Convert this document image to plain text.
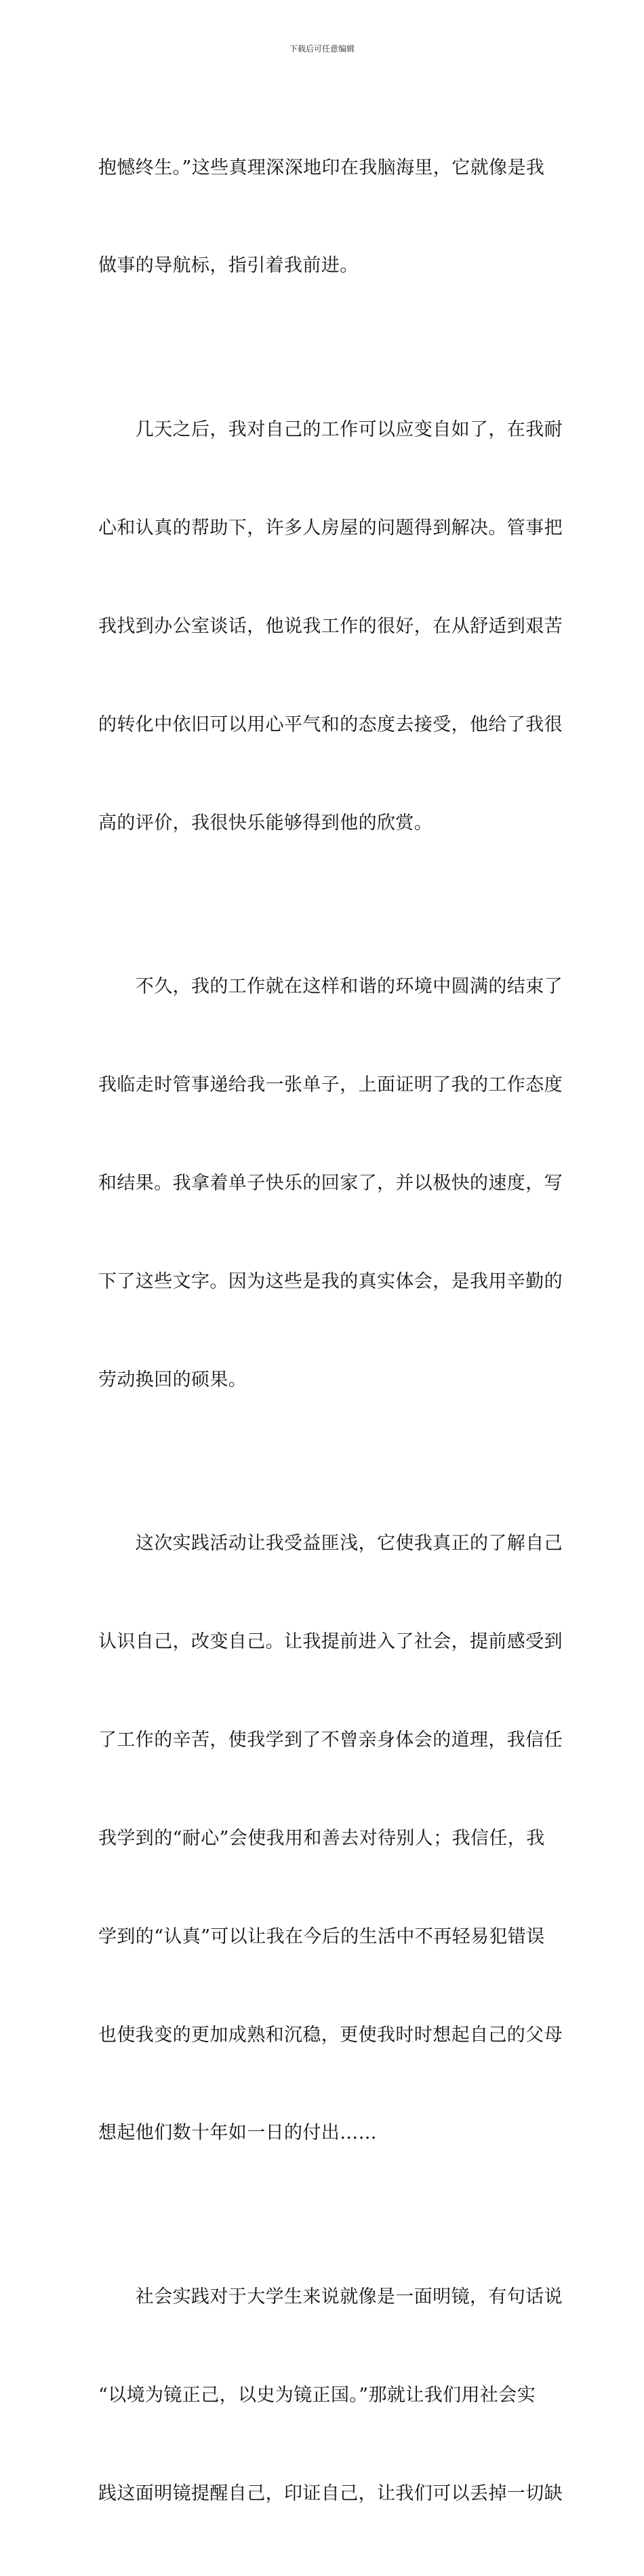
下载后可任意编辑

抱憾终生。”这些真理深深地印在我脑海里，它就像是我

做事的导航标，指引着我前进。

　　几天之后，我对自己的工作可以应变自如了，在我耐

心和认真的帮助下，许多人房屋的问题得到解决。管事把

我找到办公室谈话，他说我工作的很好，在从舒适到艰苦

的转化中依旧可以用心平气和的态度去接受，他给了我很

高的评价，我很快乐能够得到他的欣赏。

　　不久，我的工作就在这样和谐的环境中圆满的结束了

我临走时管事递给我一张单子，上面证明了我的工作态度

和结果。我拿着单子快乐的回家了，并以极快的速度，写

下了这些文字。因为这些是我的真实体会，是我用辛勤的

劳动换回的硕果。

　　这次实践活动让我受益匪浅，它使我真正的了解自己

认识自己，改变自己。让我提前进入了社会，提前感受到

了工作的辛苦，使我学到了不曾亲身体会的道理，我信任

我学到的“耐心”会使我用和善去对待别人；我信任，我

学到的“认真”可以让我在今后的生活中不再轻易犯错误

也使我变的更加成熟和沉稳，更使我时时想起自己的父母

想起他们数十年如一日的付出……

　　社会实践对于大学生来说就像是一面明镜，有句话说

“以境为镜正己，以史为镜正国。”那就让我们用社会实

践这面明镜提醒自己，印证自己，让我们可以丢掉一切缺
